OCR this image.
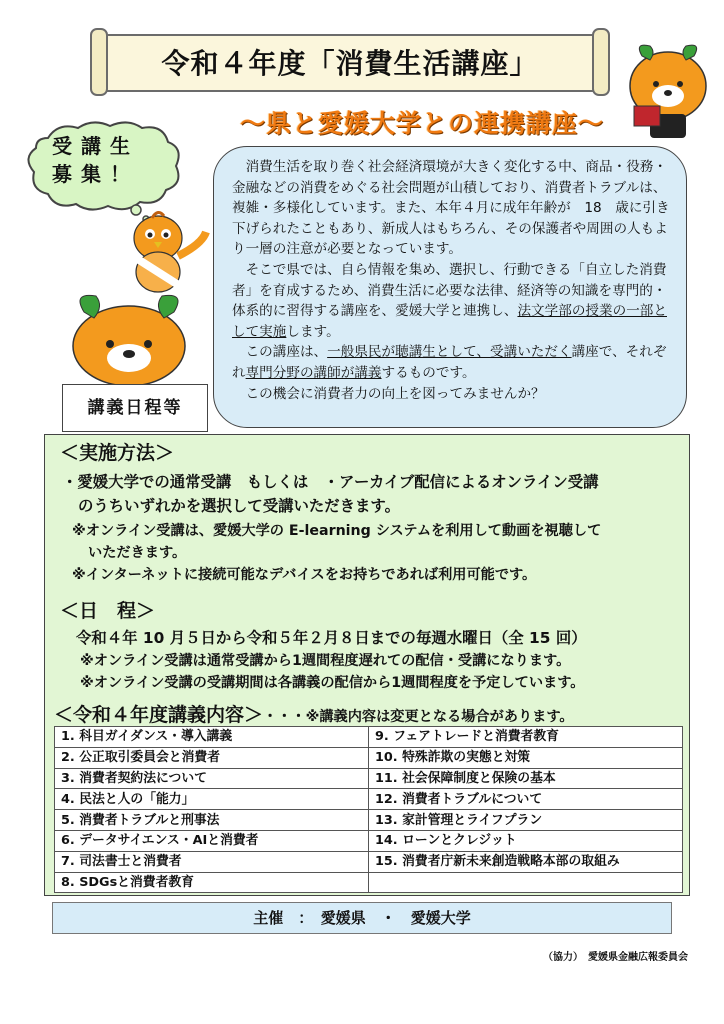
令和４年度「消費生活講座」
～県と愛媛大学との連携講座～
受講生
募集！	消費生活を取り巻く社会経済環境が大きく変化する中、商品・役務・金融などの消費をめぐる社会問題が山積しており、消費者トラブルは、複雑・多様化しています。また、本年４月に成年年齢が　18　歳に引き下げられたこともあり、新成人はもちろん、その保護者や周囲の人もより一層の注意が必要となっています。

そこで県では、自ら情報を集め、選択し、行動できる「自立した消費者」を育成するため、消費生活に必要な法律、経済等の知識を専門的・体系的に習得する講座を、愛媛大学と連携し、法文学部の授業の一部として実施します。

この講座は、一般県民が聴講生として、受講いただく講座で、それぞれ専門分野の講師が講義するものです。

この機会に消費者力の向上を図ってみませんか？

講義日程等
＜実施方法＞
・愛媛大学での通常受講　もしくは　・アーカイブ配信によるオンライン受講
のうちいずれかを選択して受講いただきます。
※オンライン受講は、愛媛大学の E-learning システムを利用して動画を視聴して
いただきます。
※インターネットに接続可能なデバイスをお持ちであれば利用可能です。
＜日　程＞
令和４年 10 月５日から令和５年２月８日までの毎週水曜日（全 15 回）
※オンライン受講は通常受講から1週間程度遅れての配信・受講になります。
※オンライン受講の受講期間は各講義の配信から1週間程度を予定しています。
＜令和４年度講義内容＞・・・※講義内容は変更となる場合があります。
1. 科目ガイダンス・導入講義	9. フェアトレードと消費者教育
2. 公正取引委員会と消費者	10. 特殊詐欺の実態と対策
3. 消費者契約法について	11. 社会保障制度と保険の基本
4. 民法と人の「能力」	12. 消費者トラブルについて
5. 消費者トラブルと刑事法	13. 家計管理とライフプラン
6. データサイエンス・AIと消費者	14. ローンとクレジット
7. 司法書士と消費者	15. 消費者庁新未来創造戦略本部の取組み
8. SDGsと消費者教育	
主催　：　愛媛県　・　愛媛大学
（協力）　愛媛県金融広報委員会
